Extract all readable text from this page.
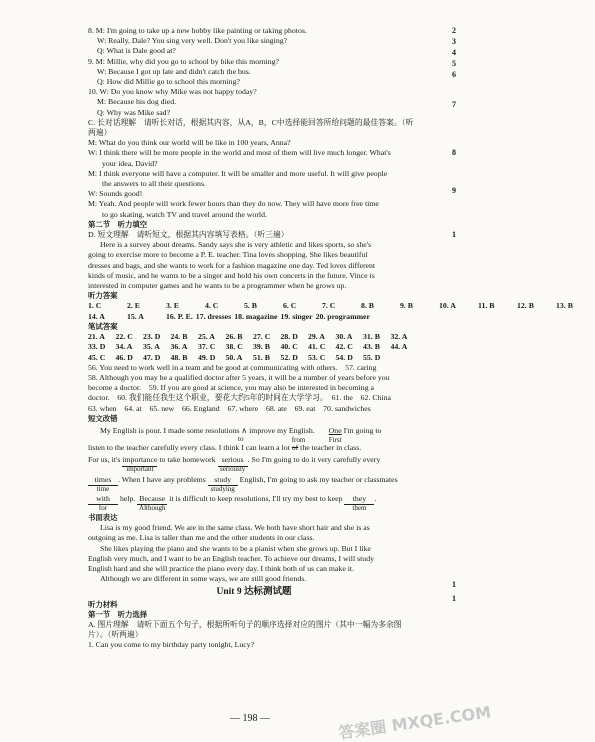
8. M: I'm going to take up a new hobby like painting or taking photos.
W: Really, Dale? You sing very well. Don't you like singing?
Q: What is Dale good at?
9. M: Millie, why did you go to school by bike this morning?
W: Because I got up late and didn't catch the bus.
Q: How did Millie go to school this morning?
10. W: Do you know why Mike was not happy today?
M: Because his dog died.
Q: Why was Mike sad?
C. 长对话理解　请听长对话，根据其内容，从A，B，C中选择能回答所给问题的最佳答案。（听两遍）
M: What do you think our world will be like in 100 years, Anna?
W: I think there will be more people in the world and most of them will live much longer. What's
your idea, David?
M: I think everyone will have a computer. It will be smaller and more useful. It will give people
the answers to all their questions.
W: Sounds good!
M: Yeah. And people will work fewer hours than they do now. They will have more free time
to go skating, watch TV and travel around the world.
第二节　听力填空
D. 短文理解　请听短文，根据其内容填写表格。（听三遍）
Here is a survey about dreams. Sandy says she is very athletic and likes sports, so she's
going to exercise more to become a P. E. teacher. Tina loves shopping. She likes beautiful
dresses and bags, and she wants to work for a fashion magazine one day. Ted loves different
kinds of music, and he wants to be a singer and hold his own concerts in the future. Vince is
interested in computer games and he wants to be a programmer when he grows up.
听力答案
1. C	2. E	3. E	4. C	5. B	6. C	7. C	8. B	9. B	10. A	11. B	12. B	13. B
14. A	15. A	16. P. E. 17. dresses 18. magazine 19. singer 20. programmer
笔试答案
21. A 22. C 23. D 24. B 25. A 26. B 27. C 28. D 29. A 30. A 31. B 32. A
33. D 34. A 35. A 36. A 37. C 38. C 39. B 40. C 41. C 42. C 43. B 44. A
45. C 46. D 47. D 48. B 49. D 50. A 51. B 52. D 53. C 54. D 55. D
56. You need to work well in a team and be good at communicating with others.　57. caring
58. Although you may be a qualified doctor after 5 years, it will be a number of years before you
become a doctor.　59. If you are good at science, you may also be interested in becoming a
doctor.　60. 我们能任我生这个职业，要花大约5年的时间在大学学习。　61. the　62. China
63. when　64. at　65. new　66. England　67. where　68. ate　69. eat　70. sandwiches
短文改错
My English is pour. I made some resolutions ∧ improve my English. One
First
I'm going to
to
listen to the teacher carefully every class. I think I can learn a lot of
from
the teacher in class.
For us, it's importance
important
to take homework serious
seriously
. So I'm going to do it very carefully every
times
time
. When I have any problems study
studying
English, I'm going to ask my teacher or classmates
with
for
help. Because
Although
it is difficult to keep resolutions, I'll try my best to keep they
them
.
书面表达
Lisa is my good friend. We are in the same class. We both have short hair and she is as
outgoing as me. Lisa is taller than me and the other students in our class.
She likes playing the piano and she wants to be a pianist when she grows up. But I like
English very much, and I want to be an English teacher. To achieve our dreams, I will study
English hard and she will practice the piano every day. I think both of us can make it.
Although we are different in some ways, we are still good friends.
Unit 9 达标测试题
听力材料
第一节　听力选择
A. 图片理解　请听下面五个句子，根据所听句子的顺序选择对应的图片（其中一幅为多余图片）。（听两遍）
1. Can you come to my birthday party tonight, Lucy?
2
3
4
5
6
7
8
9
1
1
1
— 198 —	答案圈 MXQE.COM
